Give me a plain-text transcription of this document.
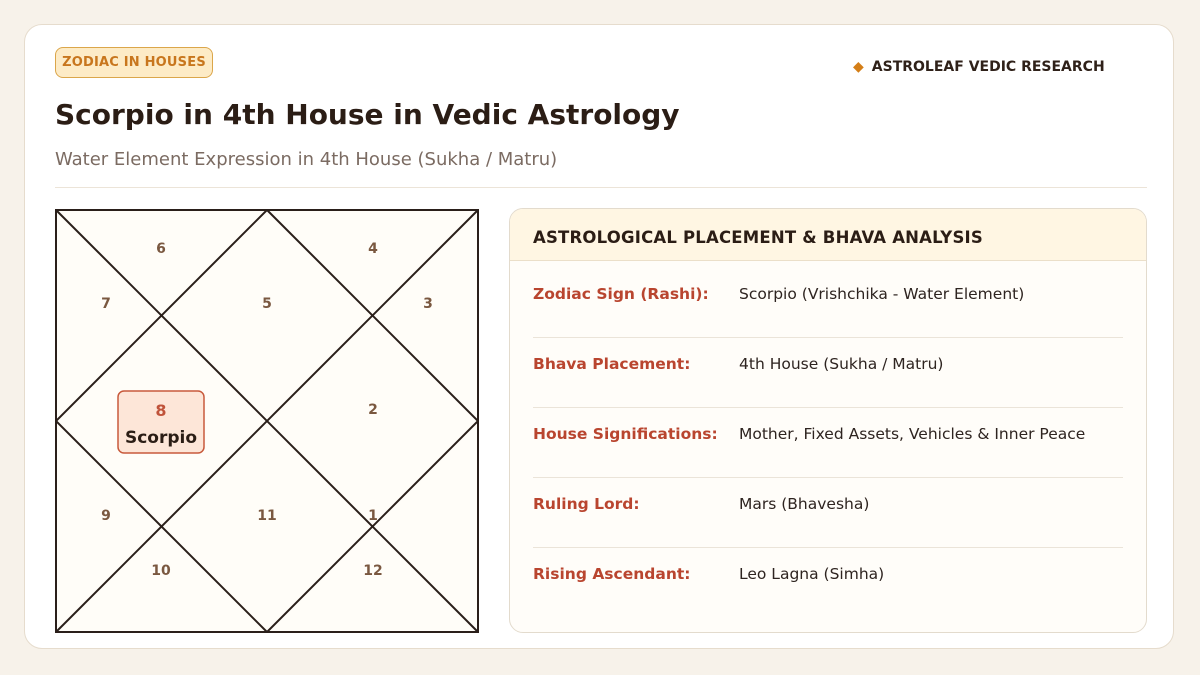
ZODIAC IN HOUSES	◆ ASTROLEAF VEDIC RESEARCH
Scorpio in 4th House in Vedic Astrology
Water Element Expression in 4th House (Sukha / Matru)
1
2
3
4
5
6
7
9
10
11
12
8
Scorpio
ASTROLOGICAL PLACEMENT & BHAVA ANALYSIS
Zodiac Sign (Rashi): Scorpio (Vrishchika - Water Element)
Bhava Placement:	4th House (Sukha / Matru)
House Significations: Mother, Fixed Assets, Vehicles & Inner Peace
Ruling Lord:	Mars (Bhavesha)
Rising Ascendant:	Leo Lagna (Simha)
